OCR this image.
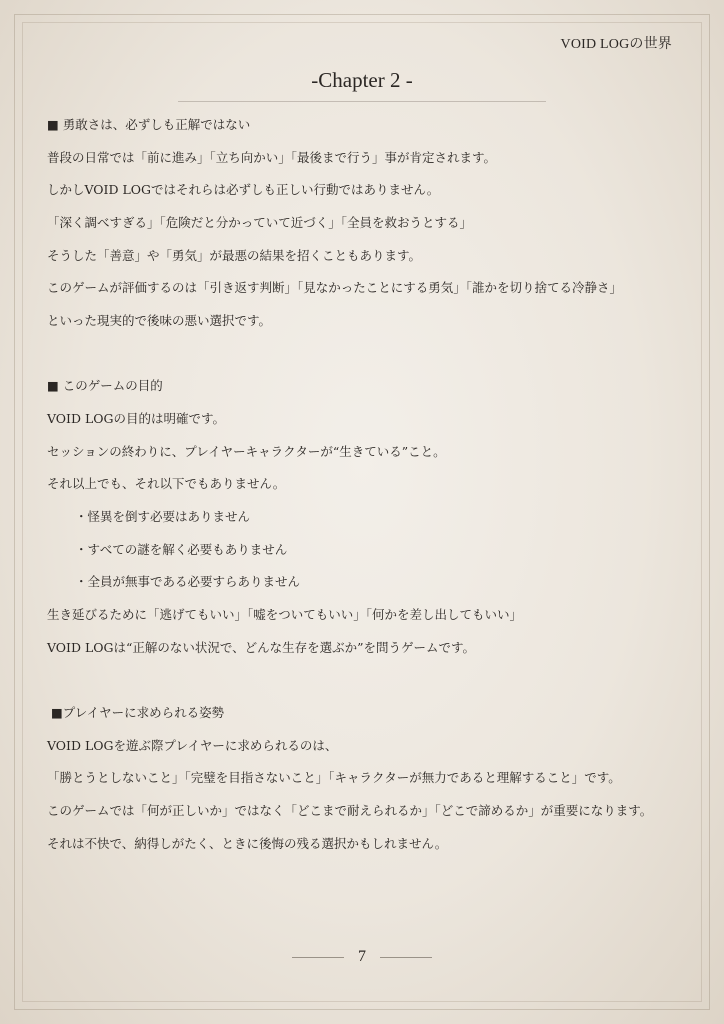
VOID LOGの世界
-Chapter 2 -
■ 勇敢さは、必ずしも正解ではない
普段の日常では「前に進み」「立ち向かい」「最後まで行う」事が肯定されます。
しかしVOID LOGではそれらは必ずしも正しい行動ではありません。
「深く調べすぎる」「危険だと分かっていて近づく」「全員を救おうとする」
そうした「善意」や「勇気」が最悪の結果を招くこともあります。
このゲームが評価するのは「引き返す判断」「見なかったことにする勇気」「誰かを切り捨てる冷静さ」
といった現実的で後味の悪い選択です。
■ このゲームの目的
VOID LOGの目的は明確です。
セッションの終わりに、プレイヤーキャラクターが“生きている”こと。
それ以上でも、それ以下でもありません。
・怪異を倒す必要はありません
・すべての謎を解く必要もありません
・全員が無事である必要すらありません
生き延びるために「逃げてもいい」「嘘をついてもいい」「何かを差し出してもいい」
VOID LOGは“正解のない状況で、どんな生存を選ぶか”を問うゲームです。
■プレイヤーに求められる姿勢
VOID LOGを遊ぶ際プレイヤーに求められるのは、
「勝とうとしないこと」「完璧を目指さないこと」「キャラクターが無力であると理解すること」です。
このゲームでは「何が正しいか」ではなく「どこまで耐えられるか」「どこで諦めるか」が重要になります。
それは不快で、納得しがたく、ときに後悔の残る選択かもしれません。
7
